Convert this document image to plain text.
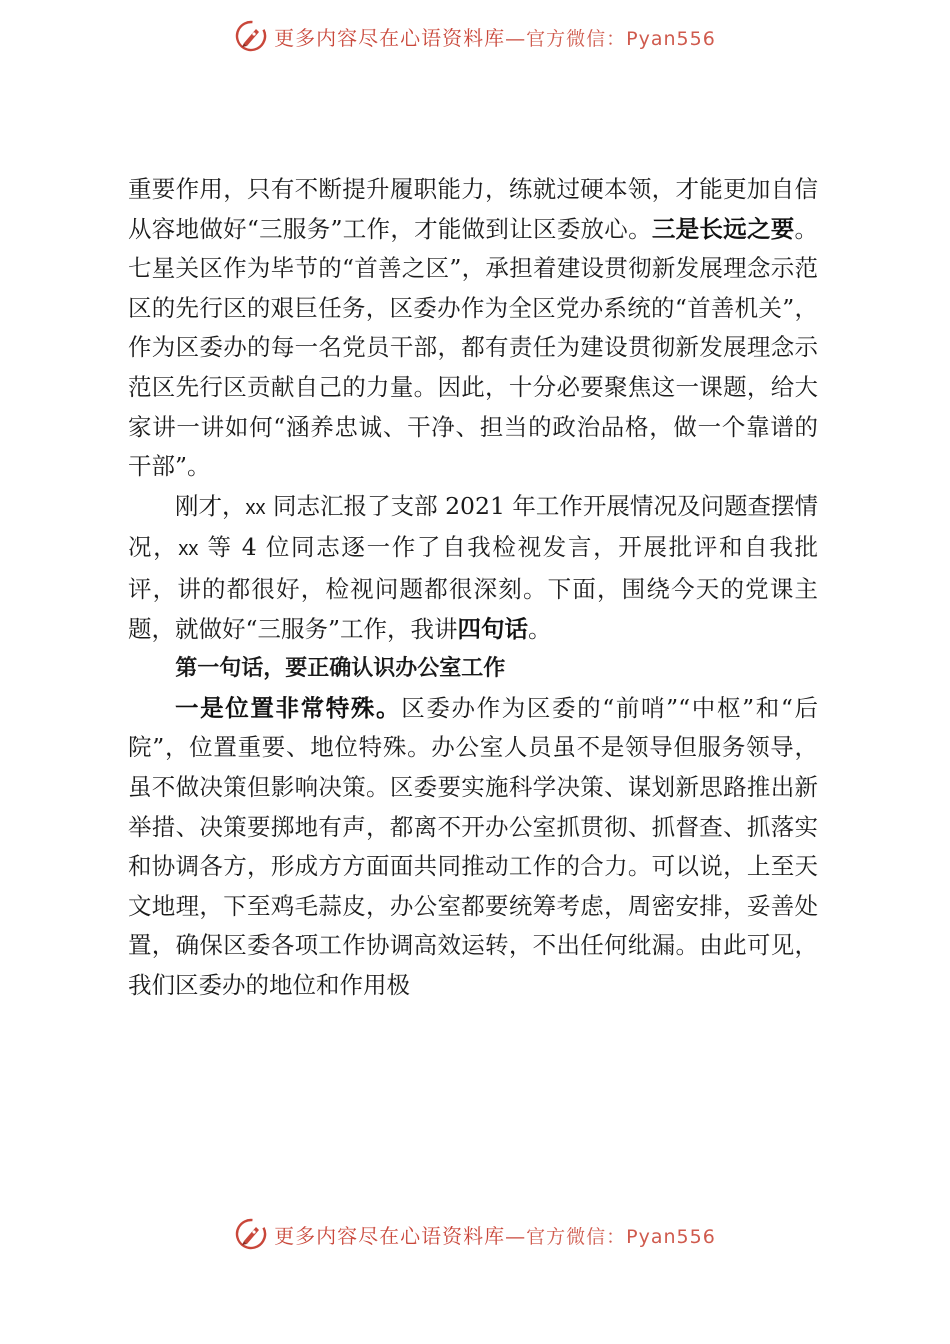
更多内容尽在心语资料库—官方微信：Pyan556

重要作用，只有不断提升履职能力，练就过硬本领，才能更加自信从容地做好“三服务”工作，才能做到让区委放心。三是长远之要。七星关区作为毕节的“首善之区”，承担着建设贯彻新发展理念示范区的先行区的艰巨任务，区委办作为全区党办系统的“首善机关”，作为区委办的每一名党员干部，都有责任为建设贯彻新发展理念示范区先行区贡献自己的力量。因此，十分必要聚焦这一课题，给大家讲一讲如何“涵养忠诚、干净、担当的政治品格，做一个靠谱的干部”。

刚才，xx 同志汇报了支部 2021 年工作开展情况及问题查摆情况，xx 等 4 位同志逐一作了自我检视发言，开展批评和自我批评，讲的都很好，检视问题都很深刻。下面，围绕今天的党课主题，就做好“三服务”工作，我讲四句话。

第一句话，要正确认识办公室工作

一是位置非常特殊。区委办作为区委的“前哨”“中枢”和“后院”，位置重要、地位特殊。办公室人员虽不是领导但服务领导，虽不做决策但影响决策。区委要实施科学决策、谋划新思路推出新举措、决策要掷地有声，都离不开办公室抓贯彻、抓督查、抓落实和协调各方，形成方方面面共同推动工作的合力。可以说，上至天文地理，下至鸡毛蒜皮，办公室都要统筹考虑，周密安排，妥善处置，确保区委各项工作协调高效运转，不出任何纰漏。由此可见，我们区委办的地位和作用极

更多内容尽在心语资料库—官方微信：Pyan556
